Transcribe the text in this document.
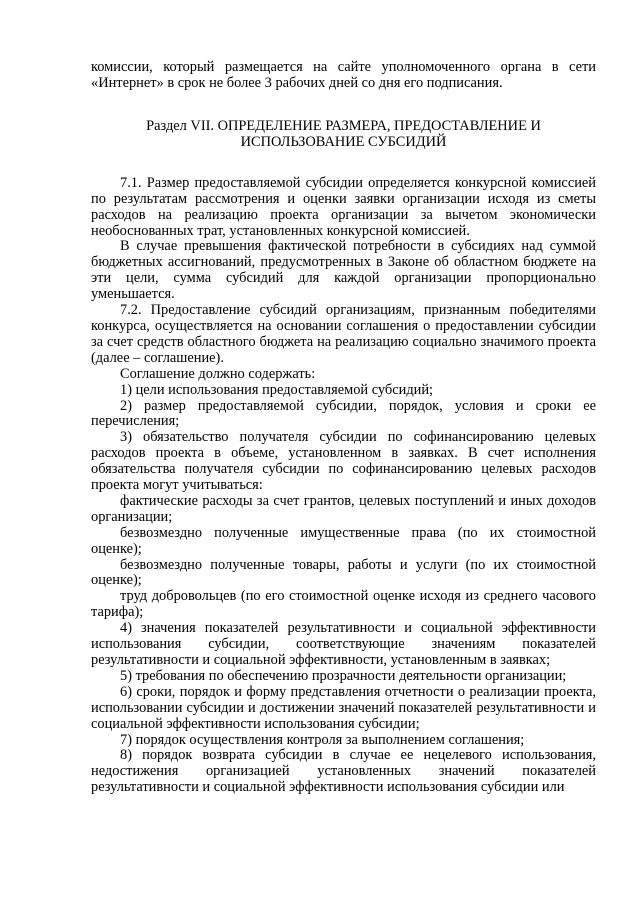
комиссии, который размещается на сайте уполномоченного органа в сети «Интернет» в срок не более 3 рабочих дней со дня его подписания.

Раздел VII. ОПРЕДЕЛЕНИЕ РАЗМЕРА, ПРЕДОСТАВЛЕНИЕ И
ИСПОЛЬЗОВАНИЕ СУБСИДИЙ

7.1. Размер предоставляемой субсидии определяется конкурсной комиссией по результатам рассмотрения и оценки заявки организации исходя из сметы расходов на реализацию проекта организации за вычетом экономически необоснованных трат, установленных конкурсной комиссией.

В случае превышения фактической потребности в субсидиях над суммой бюджетных ассигнований, предусмотренных в Законе об областном бюджете на эти цели, сумма субсидий для каждой организации пропорционально уменьшается.

7.2. Предоставление субсидий организациям, признанным победителями конкурса, осуществляется на основании соглашения о предоставлении субсидии за счет средств областного бюджета на реализацию социально значимого проекта (далее – соглашение).

Соглашение должно содержать:

1) цели использования предоставляемой субсидий;

2) размер предоставляемой субсидии, порядок, условия и сроки ее перечисления;

3) обязательство получателя субсидии по софинансированию целевых расходов проекта в объеме, установленном в заявках. В счет исполнения обязательства получателя субсидии по софинансированию целевых расходов проекта могут учитываться:

фактические расходы за счет грантов, целевых поступлений и иных доходов организации;

безвозмездно полученные имущественные права (по их стоимостной оценке);

безвозмездно полученные товары, работы и услуги (по их стоимостной оценке);

труд добровольцев (по его стоимостной оценке исходя из среднего часового тарифа);

4) значения показателей результативности и социальной эффективности использования субсидии, соответствующие значениям показателей результативности и социальной эффективности, установленным в заявках;

5) требования по обеспечению прозрачности деятельности организации;

6) сроки, порядок и форму представления отчетности о реализации проекта, использовании субсидии и достижении значений показателей результативности и социальной эффективности использования субсидии;

7) порядок осуществления контроля за выполнением соглашения;

8) порядок возврата субсидии в случае ее нецелевого использования, недостижения организацией установленных значений показателей результативности и социальной эффективности использования субсидии или
